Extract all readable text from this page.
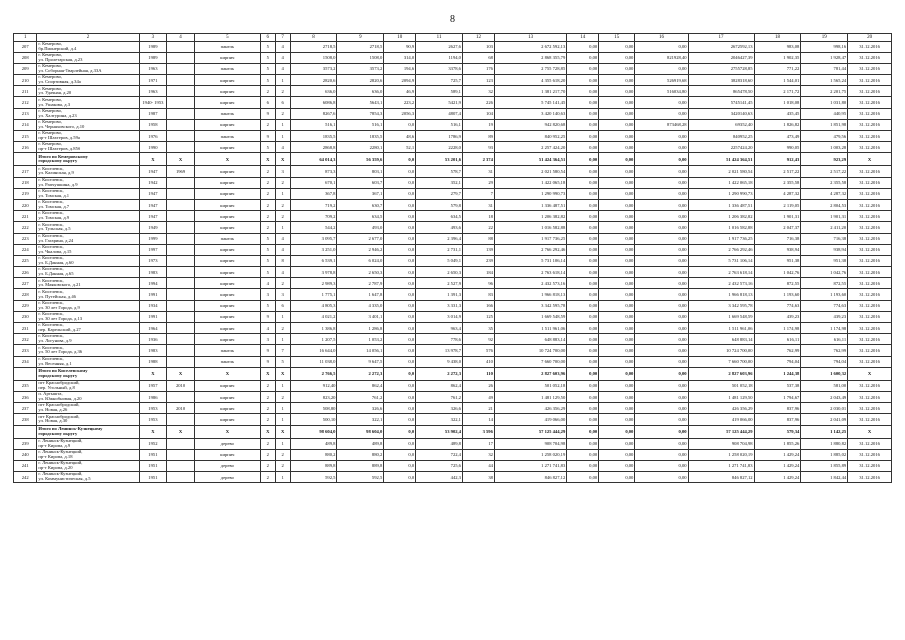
8
1	2	3	4	5	6	7	8	9	10	11	12	13	14	15	16	17	18	19	20
207	г. Кемерово,
бр.Пионерский, д.4	1989		панель	5	4	2718,5	2718,5	90,9	2627,6	103	2 672 592,13	0,00	0,00	0,00	2672592,13	983,08	998,16	31.12.2016
208	г. Кемерово,
ул. Пролетарская, д.23	1989		кирпич	5	4	1508,0	1508,0	314,0	1194,0	68	2 868 355,79	0,00	0,00	821928,40	2046427,39	1 902,35	1 928,47	31.12.2016
209	г. Кемерово,
ул. Соборная-Тварлейная, д.33А	1963		панель	5	4	3573,2	3573,2	194,6	3378,6	176	2 755 728,85	0,00	0,00	0,00	2755728,85	771,22	781,44	31.12.2016
210	г. Кемерово,
ул. Спортивная, д.34а	1971		кирпич	5	1	2820,6	2820,6	2094,9	725,7	123	4 355 618,20	0,00	0,00	526919,68	3828318,60	1 544,01	1 565,24	31.12.2016
211	г. Кемерово,
ул. Удачная, д.20	1963		кирпич	2	2	636,0	636,0	46,9	589,1	32	1 381 217,70	0,00	0,00	516034,80	865478,50	2 171,72	2 201,75	31.12.2016
212	г. Кемерово,
ул. Ушакова, д.3	1940- 1953		кирпич	6	6	6086,8	5643,1	223,2	5421,9	226	5 745 141,45	0,00	0,00	0,00	5745141,45	1 018,08	1 031,80	31.12.2016
213	г. Кемерово,
ул. Халтурина, д.23	1987		панель	9	2	8267,6	7854,3	2056,3	4807,4	104	3 420 140,63	0,00	0,00	0,00	3420140,63	435,45	440,95	31.12.2016
214	г. Кемерово,
ул. Черняховского, д.10	1958		кирпич	2	1	516,1	516,1	0,0	516,1	19	942 820,68	0,00	0,00	873468,28	69352,40	1 826,82	1 851,98	31.12.2016
215	г. Кемерово,
пр-т Шахтеров, д.59а	1976		панель	9	1	1835,5	1835,5	48,6	1786,9	89	840 952,25	0,00	0,00	0,00	840952,25	473,49	479,56	31.12.2016
216	г. Кемерово,
пр-т Шахтеров, д.85б	1990		кирпич	5	4	2868,8	2280,1	52,1	2228,0	93	2 257 424,20	0,00	0,00	0,00	2257424,20	990,05	1 003,28	31.12.2016
	Итого по Кемеровскому
городскому округу	X	X	X	X	X	64 014,3	56 359,6	0,0	53 201,6	2 374	51 424 364,51	0,00	0,00	0,00	51 424 364,51	912,43	923,29	X
217	г. Киселевск,
ул. Калинская, д.9	1947	1969	кирпич	2	3	873,3	803,1	0,0	578,7	31	2 021 580,54	0,00	0,00	0,00	2 021 580,54	2 517,22	2 517,22	31.12.2016
218	г. Киселевск,
ул. Рапчушкина, д.9	1942		кирпич	2	2	670,1	603,7	0,0	352,1	29	1 422 065,18	0,00	0,00	0,00	1 422 065,18	2 355,58	2 355,58	31.12.2016
219	г. Киселевск,
ул. Томская, д.1	1947		кирпич	2	1	367,8	367,1	0,0	279,7	7	1 290 990,73	0,00	0,00	0,00	1 290 990,73	4 287,32	4 287,32	31.12.2016
220	г. Киселевск,
ул. Томская, д.7	1947		кирпич	2	2	719,2	630,7	0,0	579,8	31	1 336 487,51	0,00	0,00	0,00	1 336 487,51	2 119,05	2 804,53	31.12.2016
221	г. Киселевск,
ул. Томская, д.9	1947		кирпич	2	2	709,2	634,5	0,0	634,5	18	1 206 382,82	0,00	0,00	0,00	1 206 382,82	1 901,31	1 901,31	31.12.2016
222	г. Киселевск,
ул. Тульская, д.5	1949		кирпич	2	1	544,2	493,0	0,0	493,6	22	1 016 582,88	0,00	0,00	0,00	1 016 582,88	2 047,37	2 411,20	31.12.2016
223	г. Киселевск,
ул. Гагарина, д.24	1999		панель	5	4	3 095,7	2 677,0	0,0	2 396,4	88	1 917 736,25	0,00	0,00	0,00	1 917 736,25	716,38	716,38	31.12.2016
224	г. Киселевск,
ул. Чкалова, д.15	1997		кирпич	5	4	3 251,0	2 946,2	0,0	2 731,1	139	2 766 292,46	0,00	0,00	0,00	2 766 292,46	938,94	938,94	31.12.2016
225	г. Киселевск,
ул. Б.Данная, д.60	1973		кирпич	5	8	6 539,1	6 024,0	0,0	5 049,1	239	5 731 106,14	0,00	0,00	0,00	5 731 106,14	951,38	951,38	31.12.2016
226	г. Киселевск,
ул. Б.Данная, д.65	1983		кирпич	5	4	3 978,8	2 650,3	0,0	2 650,3	184	2 763 618,14	0,00	0,00	0,00	2 763 618,14	1 042,76	1 042,76	31.12.2016
227	г. Киселевск,
ул. Маяковского, д.21	1994		кирпич	4	2	2 989,3	2 787,9	0,0	2 527,9	96	2 432 573,16	0,00	0,00	0,00	2 432 573,16	872,55	872,55	31.12.2016
228	г. Киселевск,
ул. Путейская, д.46	1991		кирпич	3	3	1 775,1	1 647,8	0,0	1 391,3	83	1 966 818,13	0,00	0,00	0,00	1 966 818,13	1 193,60	1 193,60	31.12.2016
229	г. Киселевск,
ул. 30 лет Города, д.9	1934		кирпич	5	6	4 805,3	4 335,0	0,0	3 331,3	166	3 342 595,78	0,00	0,00	0,00	3 342 595,78	774,63	774,63	31.12.2016
230	г. Киселевск,
ул. 30 лет Города, д.13	1991		кирпич	9	1	4 021,2	3 401,1	0,0	3 014,9	125	1 669 548,59	0,00	0,00	0,00	1 669 548,59	439,23	439,23	31.12.2016
231	г. Киселевск,
пер. Карельский, д.27	1964		кирпич	4	2	1 386,8	1 286,8	0,0	963,4	35	1 511 961,06	0,00	0,00	0,00	1 511 961,06	1 174,98	1 174,98	31.12.2016
232	г. Киселевск,
ул. Логунова, д.9	1936		кирпич	3	1	1 207,5	1 053,2	0,0	778,6	92	648 883,14	0,00	0,00	0,00	648 883,14	616,11	616,11	31.12.2016
233	г. Киселевск,
ул. 50 лет Города, д.36	1983		панель	9	7	16 644,0	14 056,1	0,0	13 978,7	576	10 724 700,00	0,00	0,00	0,00	10 724 700,00	762,99	762,99	31.12.2016
234	г. Киселевск,
ул. Весенняя, д.1	1988		панель	9	5	11 038,0	9 647,5	0,0	9 438,0	410	7 660 700,00	0,00	0,00	0,00	7 660 700,00	794,04	794,04	31.12.2016
	Итого по Киселевскому
городскому округу	X	X	X	X	X	2 766,5	2 272,3	0,0	2 272,3	110	2 827 603,96	0,00	0,00	0,00	2 827 603,96	1 244,38	1 600,32	X
235	пгт Краснобродский,
пер. Угольный, д.8	1957	2010	кирпич	2	1	912,40	862,4	0,0	862,4	26	501 052,18	0,00	0,00	0,00	501 052,18	537,38	581,00	31.12.2016
236	п. Артышта,
ул. Южнобновая, д.20	1986		кирпич	2	2	823,20	761,2	0,0	761,2	49	1 481 129,50	0,00	0,00	0,00	1 481 129,50	1 794,67	2 043,49	31.12.2016
237	пгт Краснобродский,
ул. Новая, д.26	1953	2010	кирпич	2	1	508,80	326,6	0,0	326,6	21	426 356,29	0,00	0,00	0,00	426 356,29	837,96	2 030,01	31.12.2016
238	пгт Краснобродский,
ул. Новая, д.30	1953		кирпич	2	1	500,10	322,1	0,0	322,1	14	419 066,00	0,00	0,00	0,00	419 066,00	837,96	2 041,09	31.12.2016
	Итого по Ленинск-Кузнецкому
городскому округу	X	X	X	X	X	98 604,0	98 604,0	0,0	53 902,4	3 596	57 125 444,29	0,00	0,00	0,00	57 125 444,29	579,34	1 142,25	X
239	г. Ленинск-Кузнецкий,
пр-т Кирова, д.9	1952		дерево	2	1	489,8	489,8	0,0	489,8	17	908 704,98	0,00	0,00	0,00	908 704,98	1 855,26	1 880,82	31.12.2016
240	г. Ленинск-Кузнецкий,
пр-т Кирова, д.18	1951		кирпич	2	2	880,2	880,2	0,0	722,4	32	1 258 020,19	0,00	0,00	0,00	1 258 020,19	1 429,24	1 885,02	31.12.2016
241	г. Ленинск-Кузнецкий,
пр-т Кирова, д.20	1951		дерево	2	2	889,8	889,8	0,0	725,6	44	1 271 741,83	0,00	0,00	0,00	1 271 741,83	1 429,24	1 855,89	31.12.2016
242	г. Ленинск-Кузнецкий,
ул. Коммунистическая, д.5	1951		дерево	2	1	592,5	592,5	0,0	442,3	38	846 827,12	0,00	0,00	0,00	846 827,12	1 429,24	1 842,44	31.12.2016
